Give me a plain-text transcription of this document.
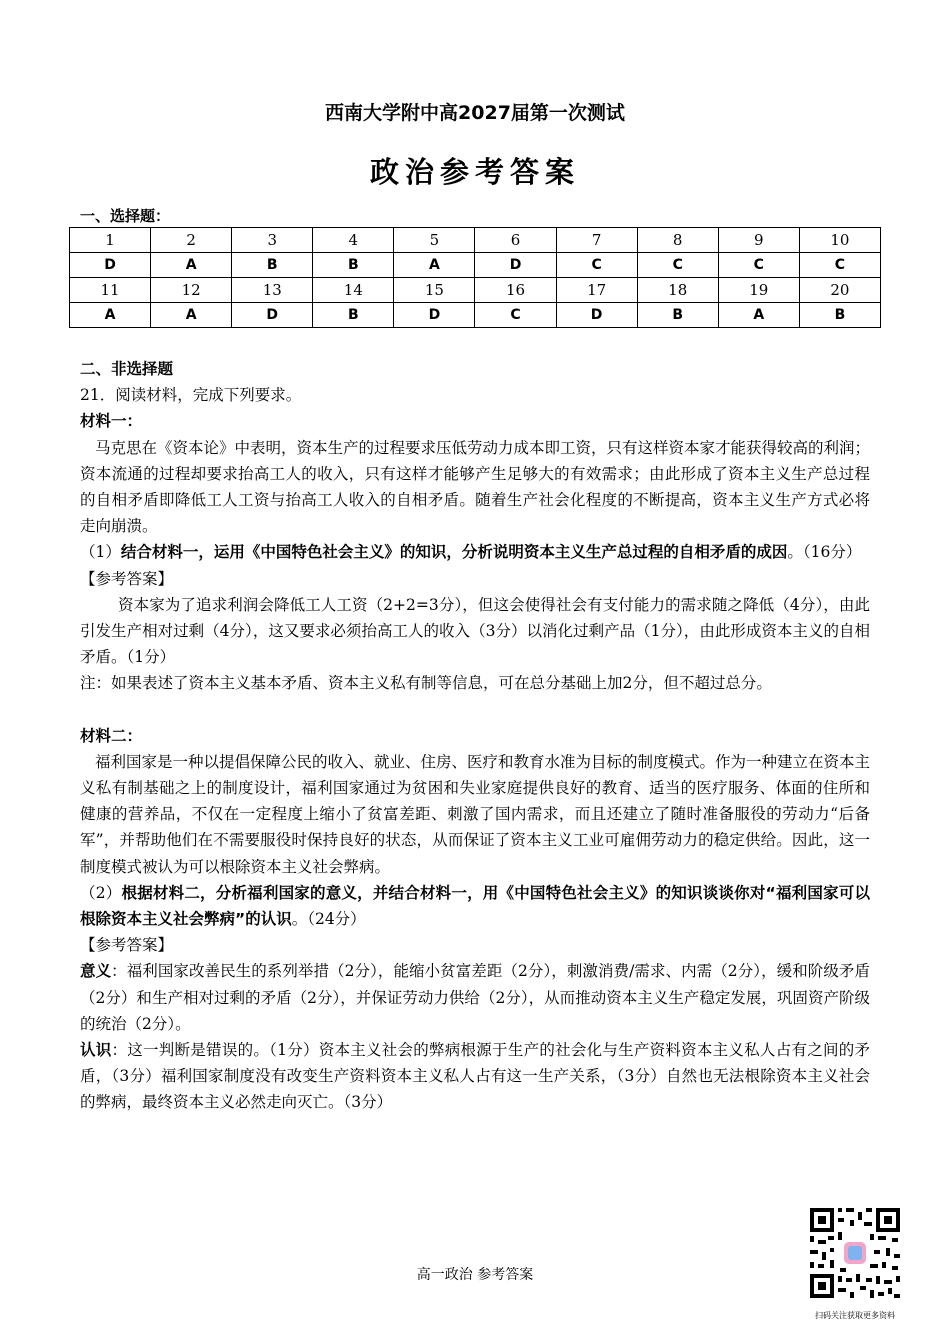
西南大学附中高2027届第一次测试
政治参考答案
一、选择题：
1	2	3	4	5	6	7	8	9	10
D	A	B	B	A	D	C	C	C	C
11	12	13	14	15	16	17	18	19	20
A	A	D	B	D	C	D	B	A	B

二、非选择题

21．阅读材料，完成下列要求。

材料一：

马克思在《资本论》中表明，资本生产的过程要求压低劳动力成本即工资，只有这样资本家才能获得较高的利润；资本流通的过程却要求抬高工人的收入，只有这样才能够产生足够大的有效需求；由此形成了资本主义生产总过程的自相矛盾即降低工人工资与抬高工人收入的自相矛盾。随着生产社会化程度的不断提高，资本主义生产方式必将走向崩溃。

（1）结合材料一，运用《中国特色社会主义》的知识，分析说明资本主义生产总过程的自相矛盾的成因。（16分）

【参考答案】

资本家为了追求利润会降低工人工资（2+2=3分），但这会使得社会有支付能力的需求随之降低（4分），由此引发生产相对过剩（4分），这又要求必须抬高工人的收入（3分）以消化过剩产品（1分），由此形成资本主义的自相矛盾。（1分）

注：如果表述了资本主义基本矛盾、资本主义私有制等信息，可在总分基础上加2分，但不超过总分。

材料二：

福利国家是一种以提倡保障公民的收入、就业、住房、医疗和教育水准为目标的制度模式。作为一种建立在资本主义私有制基础之上的制度设计，福利国家通过为贫困和失业家庭提供良好的教育、适当的医疗服务、体面的住所和健康的营养品，不仅在一定程度上缩小了贫富差距、刺激了国内需求，而且还建立了随时准备服役的劳动力“后备军”，并帮助他们在不需要服役时保持良好的状态，从而保证了资本主义工业可雇佣劳动力的稳定供给。因此，这一制度模式被认为可以根除资本主义社会弊病。

（2）根据材料二，分析福利国家的意义，并结合材料一，用《中国特色社会主义》的知识谈谈你对“福利国家可以根除资本主义社会弊病”的认识。（24分）

【参考答案】

意义：福利国家改善民生的系列举措（2分），能缩小贫富差距（2分），刺激消费/需求、内需（2分），缓和阶级矛盾（2分）和生产相对过剩的矛盾（2分），并保证劳动力供给（2分），从而推动资本主义生产稳定发展，巩固资产阶级的统治（2分）。

认识：这一判断是错误的。（1分）资本主义社会的弊病根源于生产的社会化与生产资料资本主义私人占有之间的矛盾，（3分）福利国家制度没有改变生产资料资本主义私人占有这一生产关系，（3分）自然也无法根除资本主义社会的弊病，最终资本主义必然走向灭亡。（3分）

高一政治 参考答案
扫码关注获取更多资料
